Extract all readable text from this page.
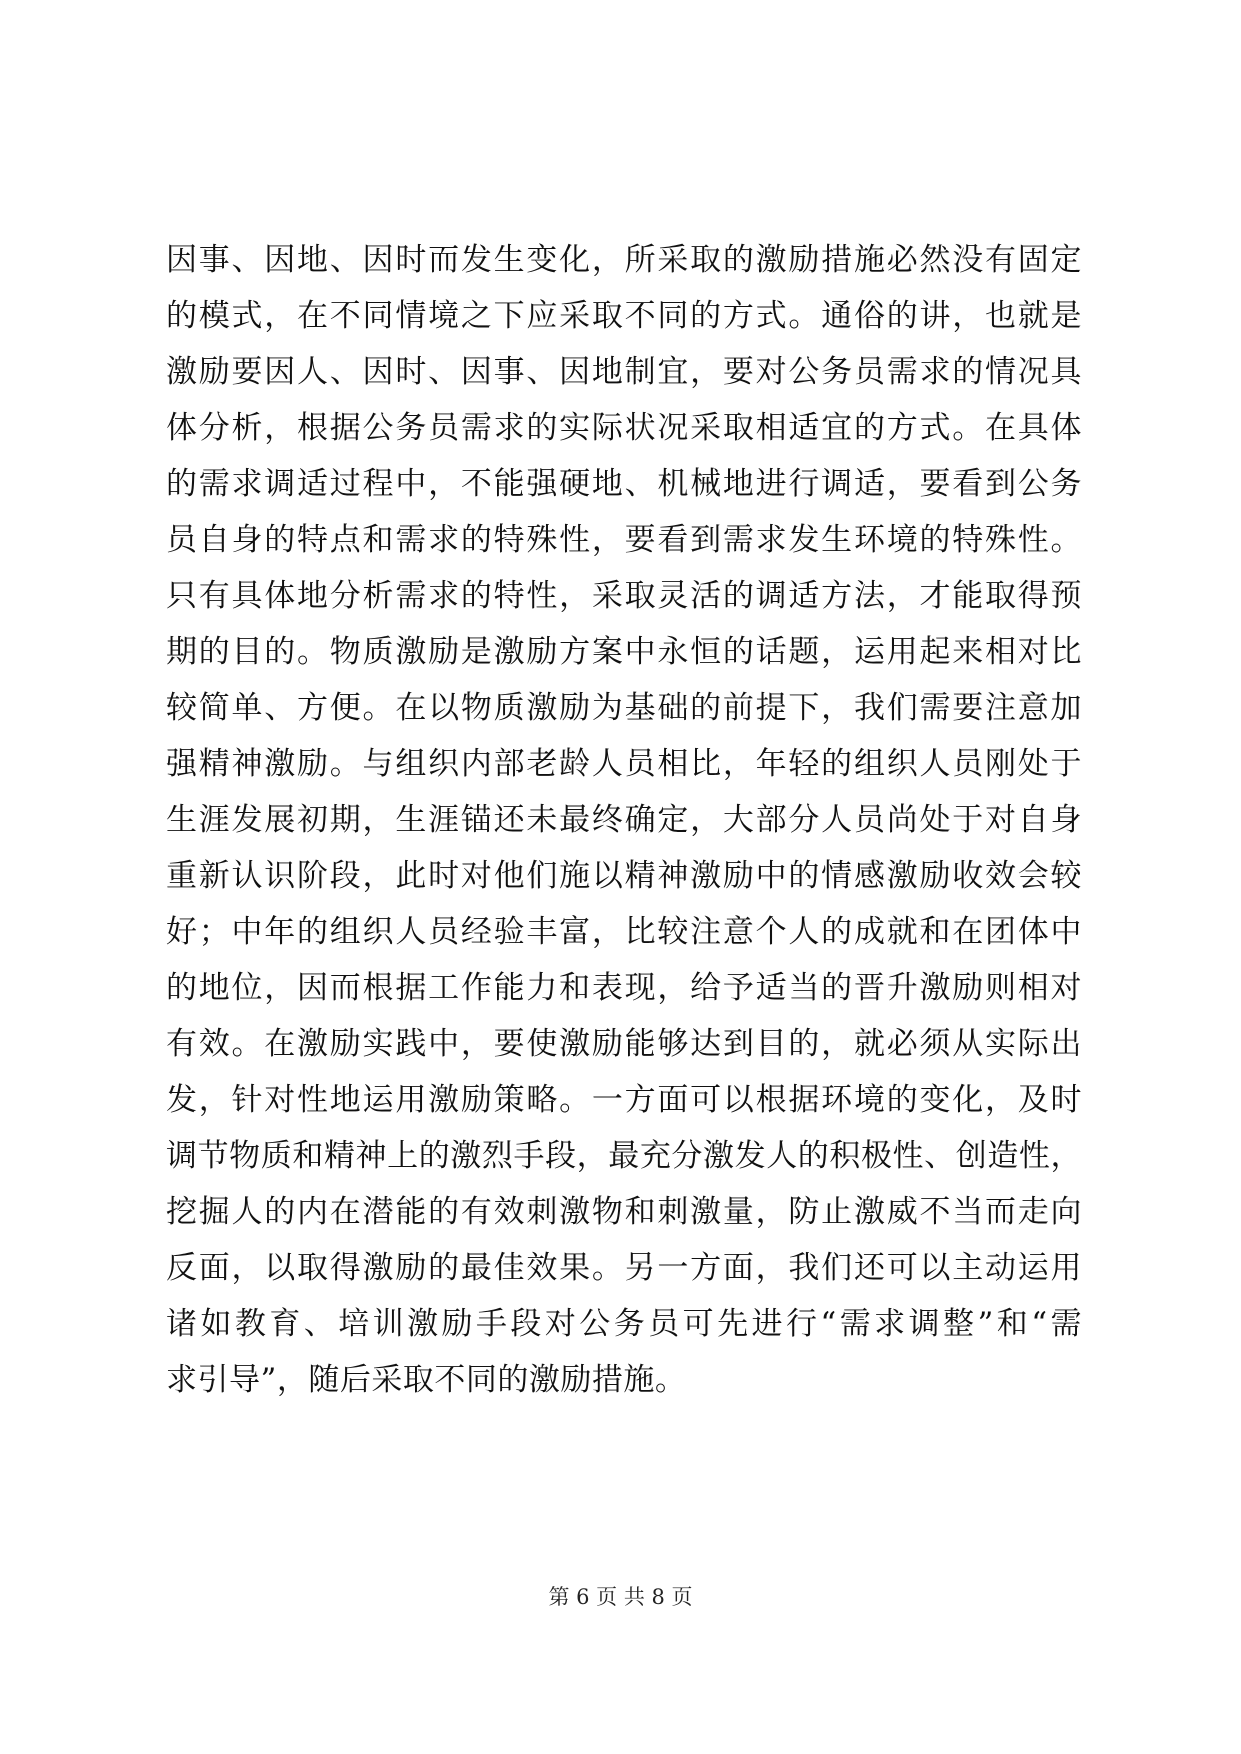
因事、因地、因时而发生变化，所采取的激励措施必然没有固定
的模式，在不同情境之下应采取不同的方式。通俗的讲，也就是
激励要因人、因时、因事、因地制宜，要对公务员需求的情况具
体分析，根据公务员需求的实际状况采取相适宜的方式。在具体
的需求调适过程中，不能强硬地、机械地进行调适，要看到公务
员自身的特点和需求的特殊性，要看到需求发生环境的特殊性。
只有具体地分析需求的特性，采取灵活的调适方法，才能取得预
期的目的。物质激励是激励方案中永恒的话题，运用起来相对比
较简单、方便。在以物质激励为基础的前提下，我们需要注意加
强精神激励。与组织内部老龄人员相比，年轻的组织人员刚处于
生涯发展初期，生涯锚还未最终确定，大部分人员尚处于对自身
重新认识阶段，此时对他们施以精神激励中的情感激励收效会较
好；中年的组织人员经验丰富，比较注意个人的成就和在团体中
的地位，因而根据工作能力和表现，给予适当的晋升激励则相对
有效。在激励实践中，要使激励能够达到目的，就必须从实际出
发，针对性地运用激励策略。一方面可以根据环境的变化，及时
调节物质和精神上的激烈手段，最充分激发人的积极性、创造性，
挖掘人的内在潜能的有效刺激物和刺激量，防止激威不当而走向
反面，以取得激励的最佳效果。另一方面，我们还可以主动运用
诸如教育、培训激励手段对公务员可先进行“需求调整”和“需
求引导”，随后采取不同的激励措施。
第 6 页 共 8 页
